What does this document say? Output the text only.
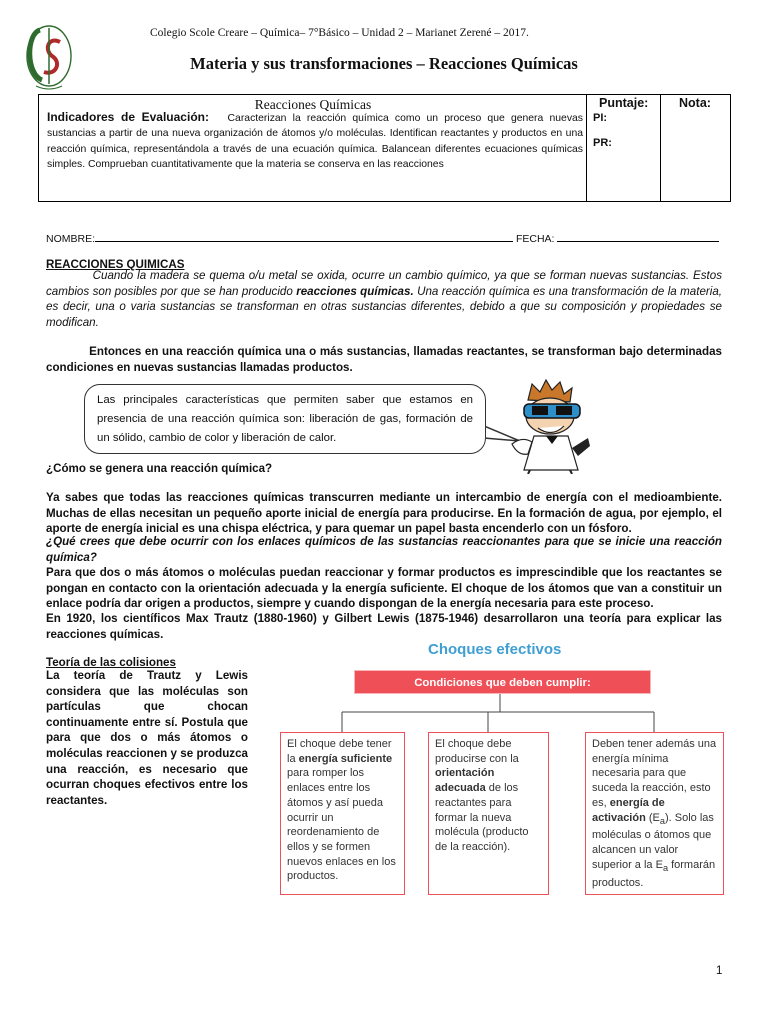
Colegio Scole Creare – Química– 7°Básico – Unidad 2 – Marianet Zerené – 2017.
Materia y sus transformaciones – Reacciones Químicas
Reacciones Químicas
Indicadores de Evaluación: Caracterizan la reacción química como un proceso que genera nuevas sustancias a partir de una nueva organización de átomos y/o moléculas. Identifican reactantes y productos en una reacción química, representándola a través de una ecuación química. Balancean diferentes ecuaciones químicas simples. Comprueban cuantitativamente que la materia se conserva en las reacciones
Puntaje:
PI:
PR:
Nota:
NOMBRE:	FECHA:
REACCIONES QUIMICAS

Cuando la madera se quema o/u metal se oxida, ocurre un cambio químico, ya que se forman nuevas sustancias. Estos cambios son posibles por que se han producido reacciones químicas. Una reacción química es una transformación de la materia, es decir, una o varia sustancias se transforman en otras sustancias diferentes, debido a que su composición y propiedades se modifican.

Entonces en una reacción química una o más sustancias, llamadas reactantes, se transforman bajo determinadas condiciones en nuevas sustancias llamadas productos.

Las principales características que permiten saber que estamos en presencia de una reacción química son: liberación de gas, formación de un sólido, cambio de color y liberación de calor.

¿Cómo se genera una reacción química?

Ya sabes que todas las reacciones químicas transcurren mediante un intercambio de energía con el medioambiente. Muchas de ellas necesitan un pequeño aporte inicial de energía para producirse. En la formación de agua, por ejemplo, el aporte de energía inicial es una chispa eléctrica, y para quemar un papel basta encenderlo con un fósforo.

¿Qué crees que debe ocurrir con los enlaces químicos de las sustancias reaccionantes para que se inicie una reacción química?

Para que dos o más átomos o moléculas puedan reaccionar y formar productos es imprescindible que los reactantes se pongan en contacto con la orientación adecuada y la energía suficiente. El choque de los átomos que van a constituir un enlace podría dar origen a productos, siempre y cuando dispongan de la energía necesaria para este proceso.

En 1920, los científicos Max Trautz (1880-1960) y Gilbert Lewis (1875-1946) desarrollaron una teoría para explicar las reacciones químicas.

Teoría de las colisiones

La teoría de Trautz y Lewis considera que las moléculas son partículas que chocan continuamente entre sí. Postula que para que dos o más átomos o moléculas reaccionen y se produzca una reacción, es necesario que ocurran choques efectivos entre los reactantes.

Choques efectivos
Condiciones que deben cumplir:
El choque debe tener la energía suficiente para romper los enlaces entre los átomos y así pueda ocurrir un reordenamiento de ellos y se formen nuevos enlaces en los productos.
El choque debe producirse con la orientación adecuada de los reactantes para formar la nueva molécula (producto de la reacción).
Deben tener además una energía mínima necesaria para que suceda la reacción, esto es, energía de activación $(E_a)$. Solo las moléculas o átomos que alcancen un valor superior a la $E_a$ formarán productos.
1
